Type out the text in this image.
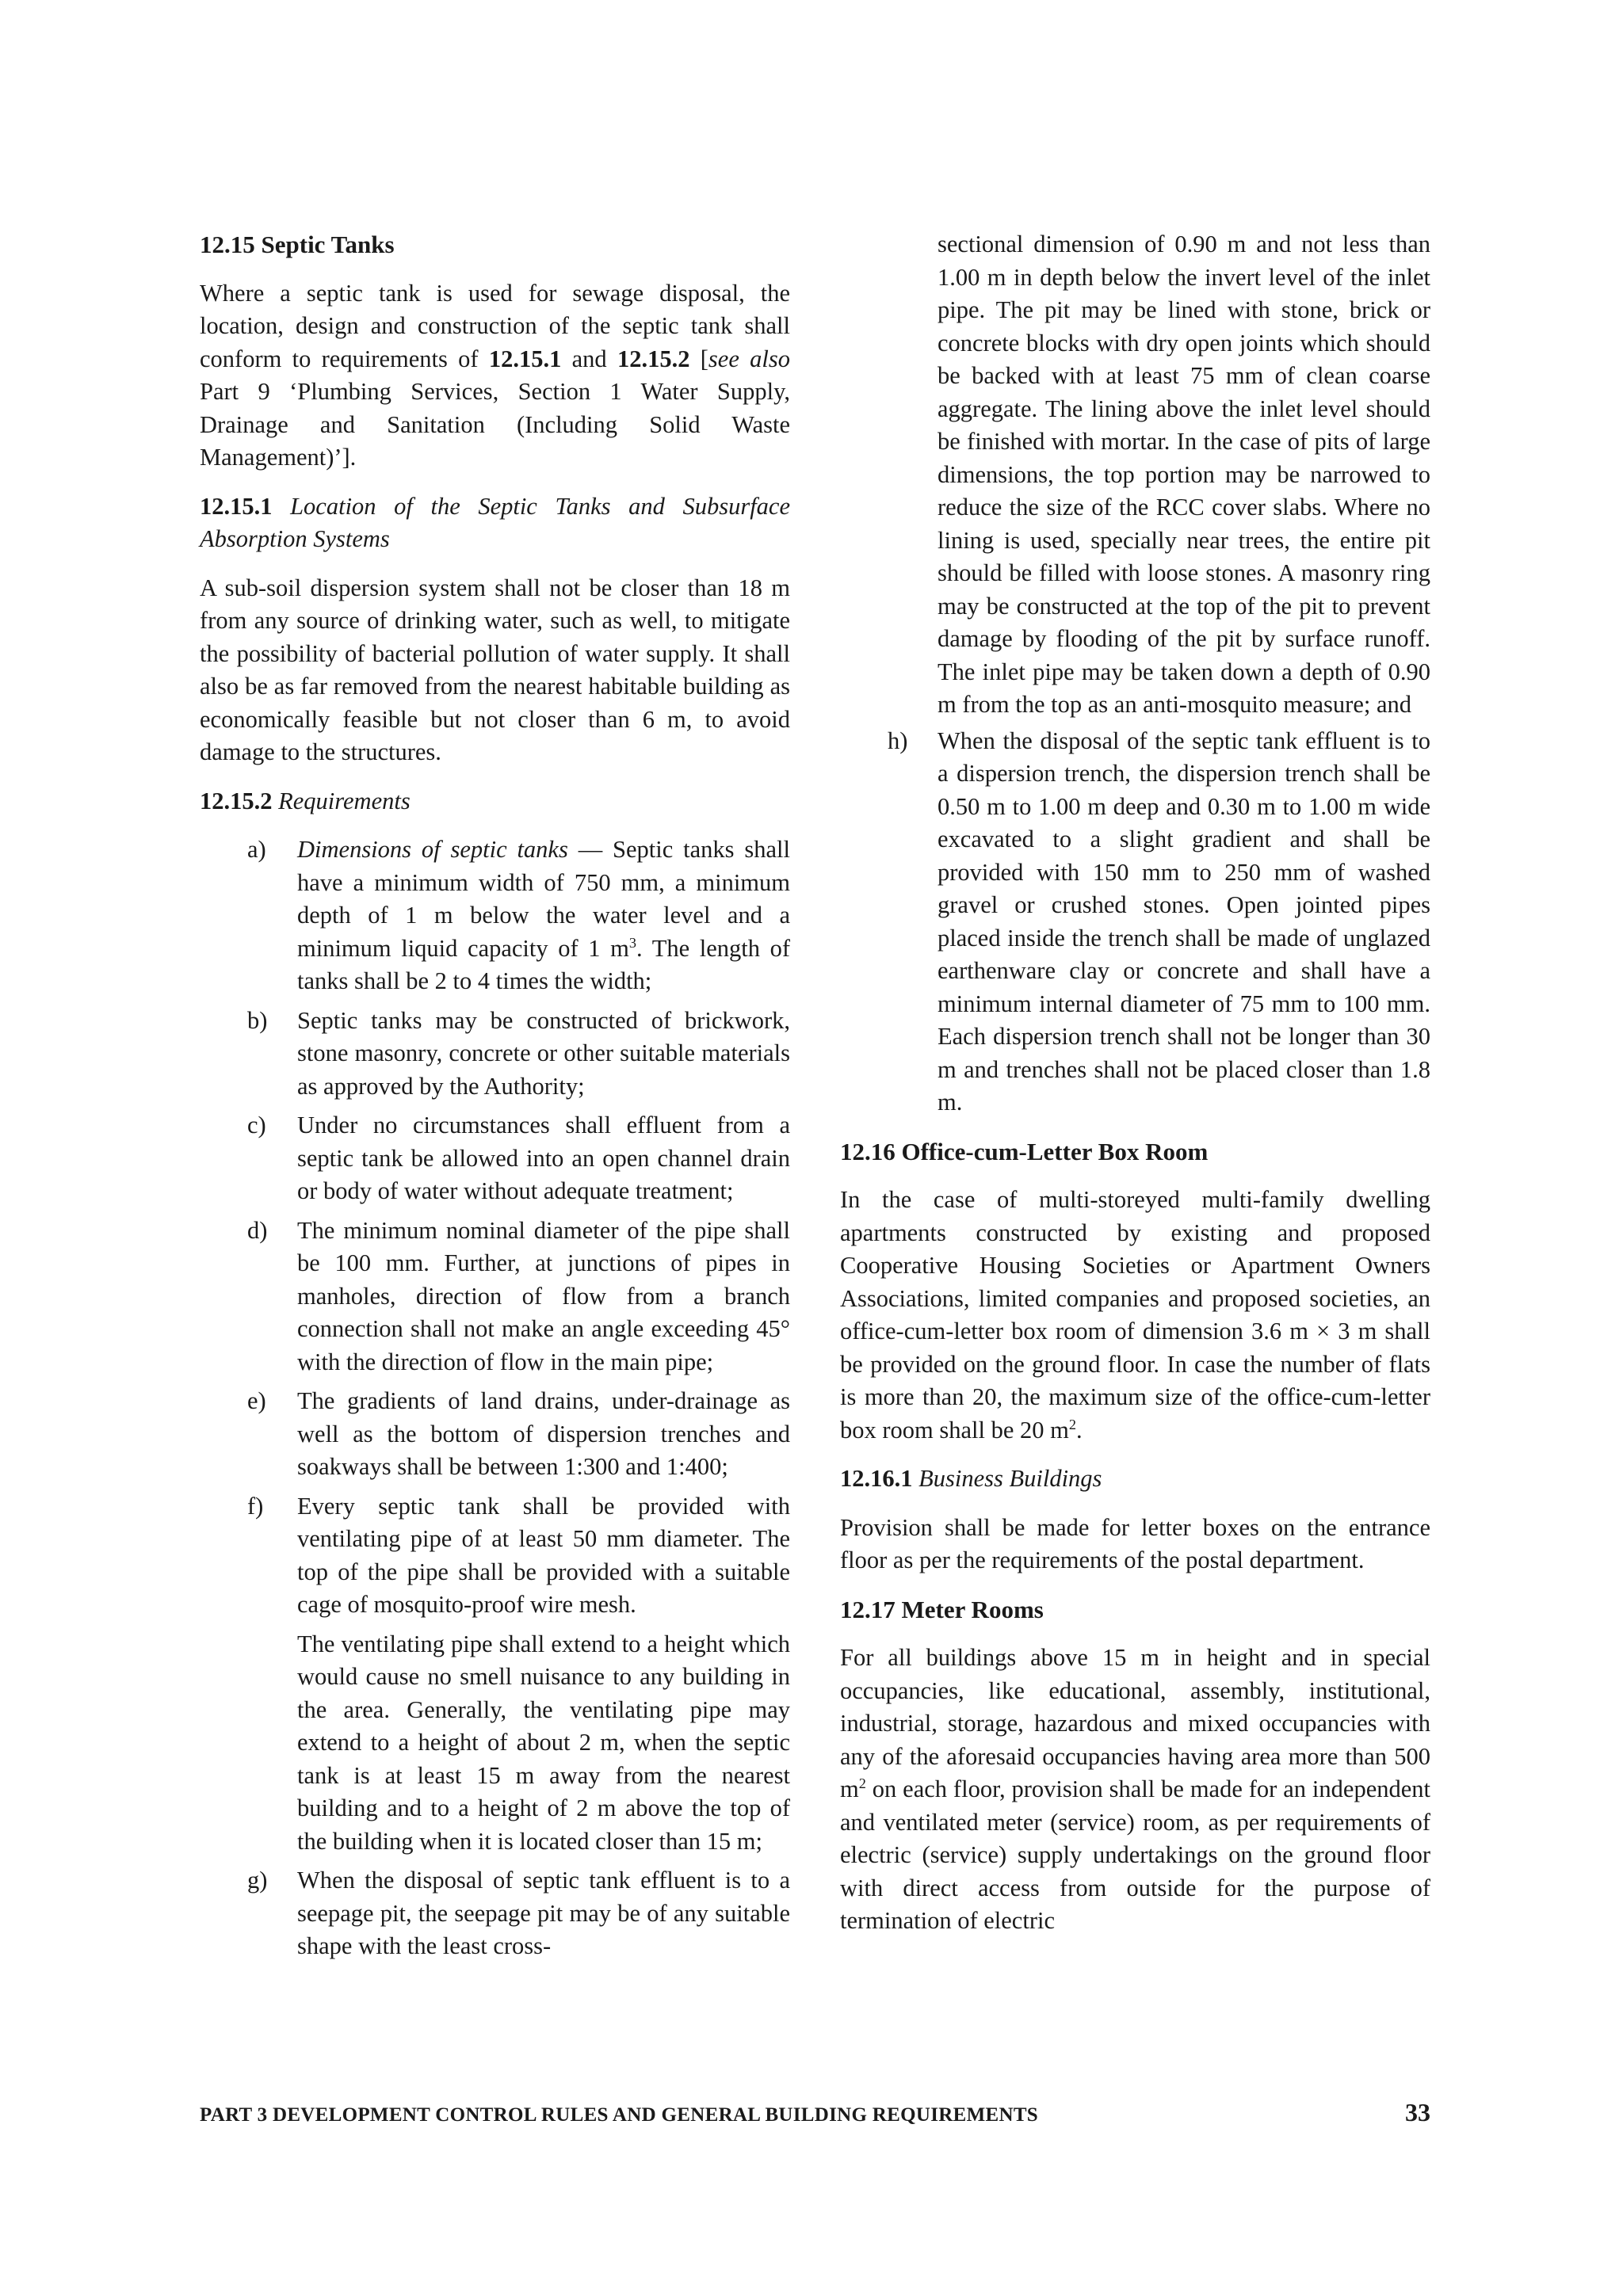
12.15 Septic Tanks

Where a septic tank is used for sewage disposal, the location, design and construction of the septic tank shall conform to requirements of 12.15.1 and 12.15.2 [see also Part 9 ‘Plumbing Services, Section 1 Water Supply, Drainage and Sanitation (Including Solid Waste Management)’].

12.15.1 Location of the Septic Tanks and Subsurface Absorption Systems

A sub-soil dispersion system shall not be closer than 18 m from any source of drinking water, such as well, to mitigate the possibility of bacterial pollution of water supply. It shall also be as far removed from the nearest habitable building as economically feasible but not closer than 6 m, to avoid damage to the structures.

12.15.2 Requirements
a) Dimensions of septic tanks — Septic tanks shall have a minimum width of 750 mm, a minimum depth of 1 m below the water level and a minimum liquid capacity of 1 $m^3$. The length of tanks shall be 2 to 4 times the width;

b) Septic tanks may be constructed of brickwork, stone masonry, concrete or other suitable materials as approved by the Authority;

c) Under no circumstances shall effluent from a septic tank be allowed into an open channel drain or body of water without adequate treatment;

d) The minimum nominal diameter of the pipe shall be 100 mm. Further, at junctions of pipes in manholes, direction of flow from a branch connection shall not make an angle exceeding 45° with the direction of flow in the main pipe;

e) The gradients of land drains, under-drainage as well as the bottom of dispersion trenches and soakways shall be between 1:300 and 1:400;

f) Every septic tank shall be provided with ventilating pipe of at least 50 mm diameter. The top of the pipe shall be provided with a suitable cage of mosquito-proof wire mesh.

The ventilating pipe shall extend to a height which would cause no smell nuisance to any building in the area. Generally, the ventilating pipe may extend to a height of about 2 m, when the septic tank is at least 15 m away from the nearest building and to a height of 2 m above the top of the building when it is located closer than 15 m;

g) When the disposal of septic tank effluent is to a seepage pit, the seepage pit may be of any suitable shape with the least cross-

sectional dimension of 0.90 m and not less than 1.00 m in depth below the invert level of the inlet pipe. The pit may be lined with stone, brick or concrete blocks with dry open joints which should be backed with at least 75 mm of clean coarse aggregate. The lining above the inlet level should be finished with mortar. In the case of pits of large dimensions, the top portion may be narrowed to reduce the size of the RCC cover slabs. Where no lining is used, specially near trees, the entire pit should be filled with loose stones. A masonry ring may be constructed at the top of the pit to prevent damage by flooding of the pit by surface runoff. The inlet pipe may be taken down a depth of 0.90 m from the top as an anti-mosquito measure; and

h) When the disposal of the septic tank effluent is to a dispersion trench, the dispersion trench shall be 0.50 m to 1.00 m deep and 0.30 m to 1.00 m wide excavated to a slight gradient and shall be provided with 150 mm to 250 mm of washed gravel or crushed stones. Open jointed pipes placed inside the trench shall be made of unglazed earthenware clay or concrete and shall have a minimum internal diameter of 75 mm to 100 mm. Each dispersion trench shall not be longer than 30 m and trenches shall not be placed closer than 1.8 m.

12.16 Office-cum-Letter Box Room

In the case of multi-storeyed multi-family dwelling apartments constructed by existing and proposed Cooperative Housing Societies or Apartment Owners Associations, limited companies and proposed societies, an office-cum-letter box room of dimension 3.6 m × 3 m shall be provided on the ground floor. In case the number of flats is more than 20, the maximum size of the office-cum-letter box room shall be 20 $m^2$.

12.16.1 Business Buildings

Provision shall be made for letter boxes on the entrance floor as per the requirements of the postal department.

12.17 Meter Rooms

For all buildings above 15 m in height and in special occupancies, like educational, assembly, institutional, industrial, storage, hazardous and mixed occupancies with any of the aforesaid occupancies having area more than 500 $m^2$ on each floor, provision shall be made for an independent and ventilated meter (service) room, as per requirements of electric (service) supply undertakings on the ground floor with direct access from outside for the purpose of termination of electric

PART 3 DEVELOPMENT CONTROL RULES AND GENERAL BUILDING REQUIREMENTS	33
